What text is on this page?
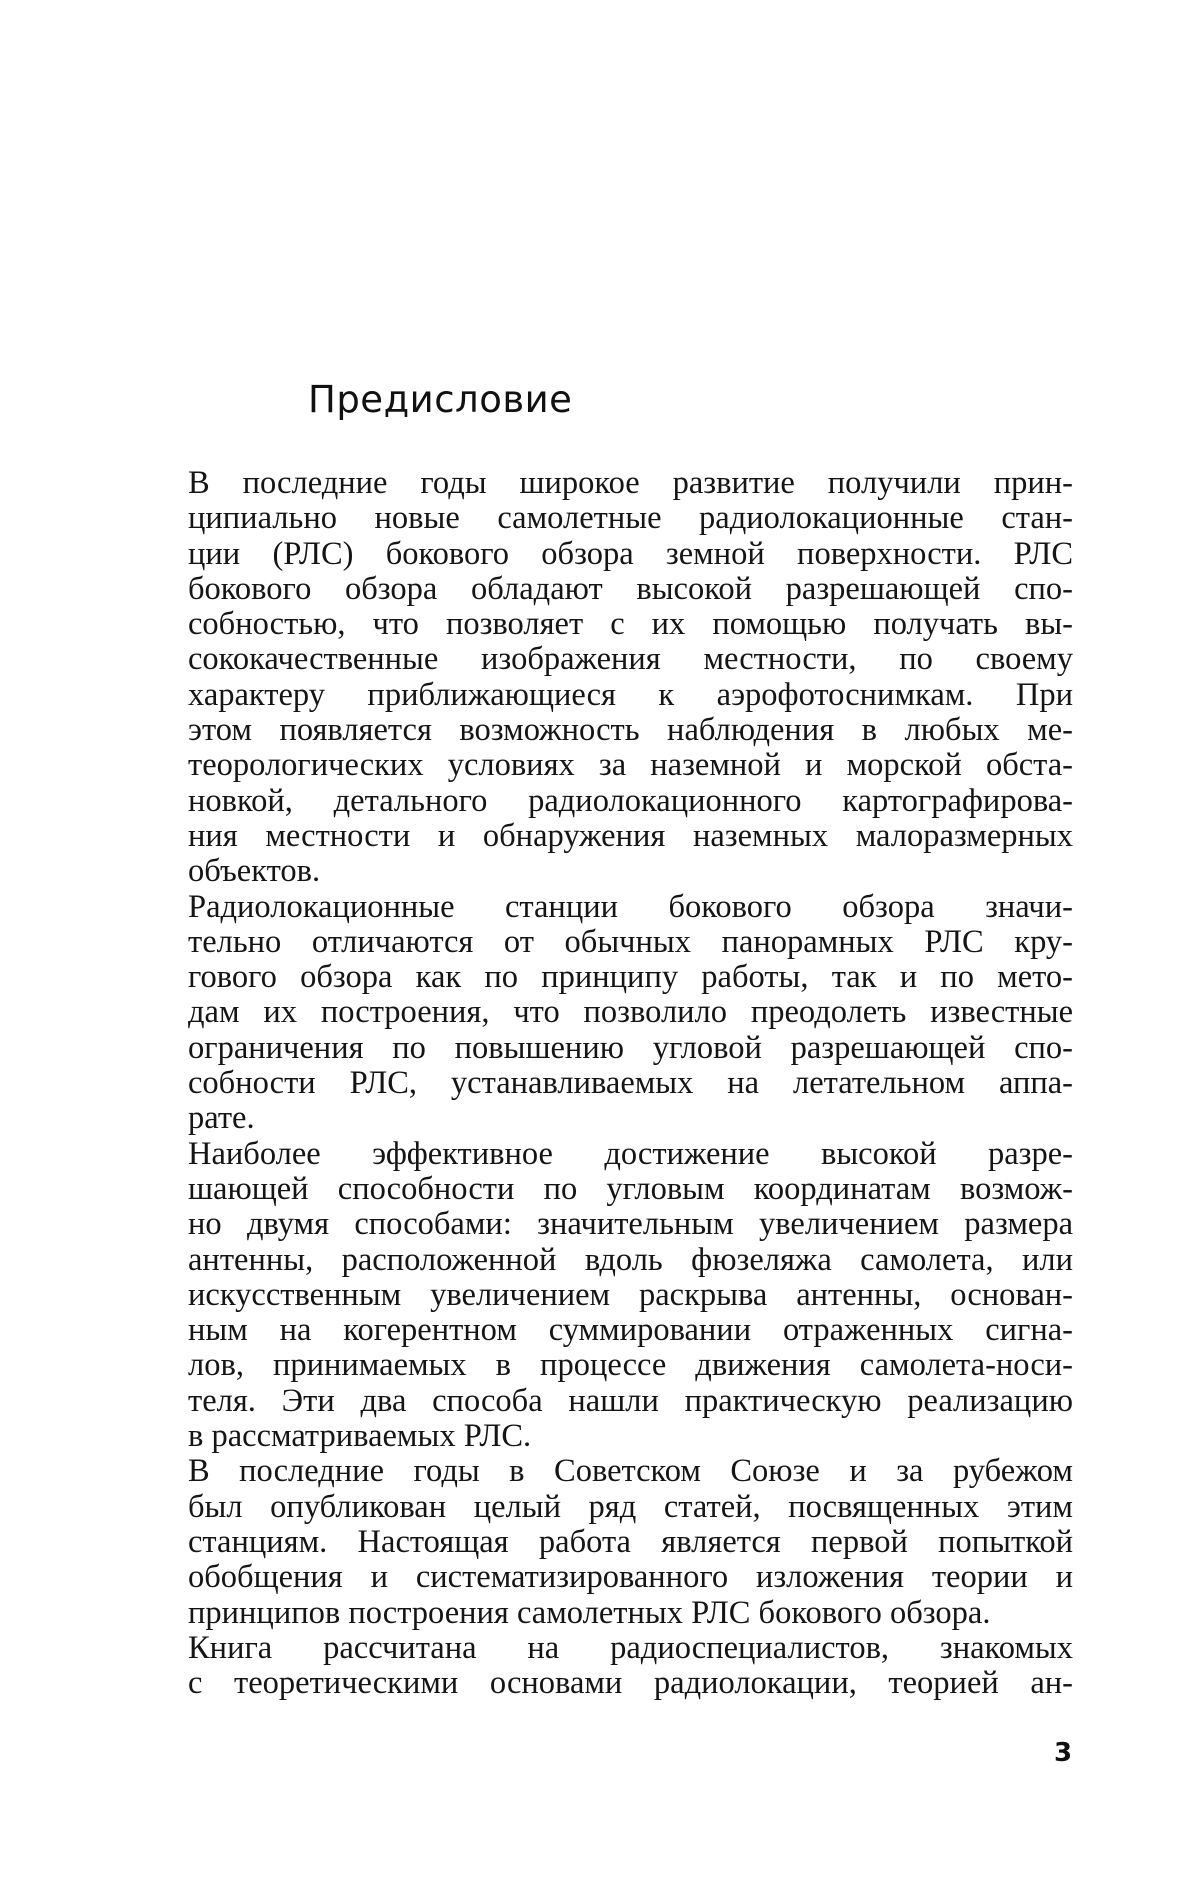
Предисловие
В последние годы широкое развитие получили прин-
ципиально новые самолетные радиолокационные стан-
ции (РЛС) бокового обзора земной поверхности. РЛС
бокового обзора обладают высокой разрешающей спо-
собностью, что позволяет с их помощью получать вы-
сококачественные изображения местности, по своему
характеру приближающиеся к аэрофотоснимкам. При
этом появляется возможность наблюдения в любых ме-
теорологических условиях за наземной и морской обста-
новкой, детального радиолокационного картографирова-
ния местности и обнаружения наземных малоразмерных
объектов.
Радиолокационные станции бокового обзора значи-
тельно отличаются от обычных панорамных РЛС кру-
гового обзора как по принципу работы, так и по мето-
дам их построения, что позволило преодолеть известные
ограничения по повышению угловой разрешающей спо-
собности РЛС, устанавливаемых на летательном аппа-
рате.
Наиболее эффективное достижение высокой разре-
шающей способности по угловым координатам возмож-
но двумя способами: значительным увеличением размера
антенны, расположенной вдоль фюзеляжа самолета, или
искусственным увеличением раскрыва антенны, основан-
ным на когерентном суммировании отраженных сигна-
лов, принимаемых в процессе движения самолета-носи-
теля. Эти два способа нашли практическую реализацию
в рассматриваемых РЛС.
В последние годы в Советском Союзе и за рубежом
был опубликован целый ряд статей, посвященных этим
станциям. Настоящая работа является первой попыткой
обобщения и систематизированного изложения теории и
принципов построения самолетных РЛС бокового обзора.
Книга рассчитана на радиоспециалистов, знакомых
с теоретическими основами радиолокации, теорией ан-
3
